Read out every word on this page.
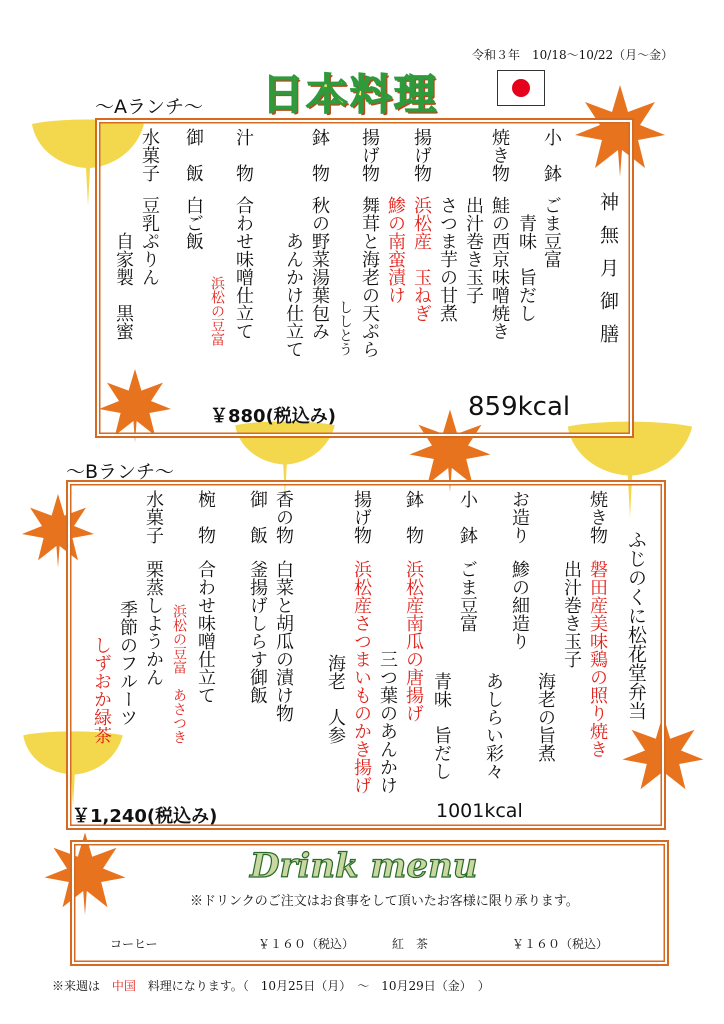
令和３年　10/18～10/22（月～金）
日本料理
～Aランチ～
神無月御膳
小　鉢
ごま豆富
　青味　旨だし
焼き物
鮭の西京味噌焼き
出汁巻き玉子
さつま芋の甘煮
揚げ物
浜松産　玉ねぎ
鯵の南蛮漬け
揚げ物
舞茸と海老の天ぷら
ししとう
鉢　物
秋の野菜湯葉包み
あんかけ仕立て
汁　物
合わせ味噌仕立て
浜松の豆富
御　飯
白ご飯
水菓子
豆乳ぷりん
自家製　黒蜜
￥880(税込み)	859kcal
～Bランチ～
ふじのくに松花堂弁当
焼き物
磐田産美味鶏の照り焼き
出汁巻き玉子
海老の旨煮
お造り
鯵の細造り
あしらい彩々
小　鉢
ごま豆富
青味　旨だし
鉢　物
浜松産南瓜の唐揚げ
三つ葉のあんかけ
揚げ物
浜松産さつまいものかき揚げ
海老　人参
香の物
白菜と胡瓜の漬け物
御　飯
釜揚げしらす御飯
椀　物
合わせ味噌仕立て
浜松の豆富　あさつき
水菓子
栗蒸しようかん
季節のフルーツ
しずおか緑茶
￥1,240(税込み)	1001kcal
Drink menu
※ドリンクのご注文はお食事をして頂いたお客様に限り承ります。
コーヒー	￥１６０（税込）	紅　茶	￥１６０（税込）
※来週は 中国 料理になります。（　10月25日（月）　～　10月29日（金）　）
